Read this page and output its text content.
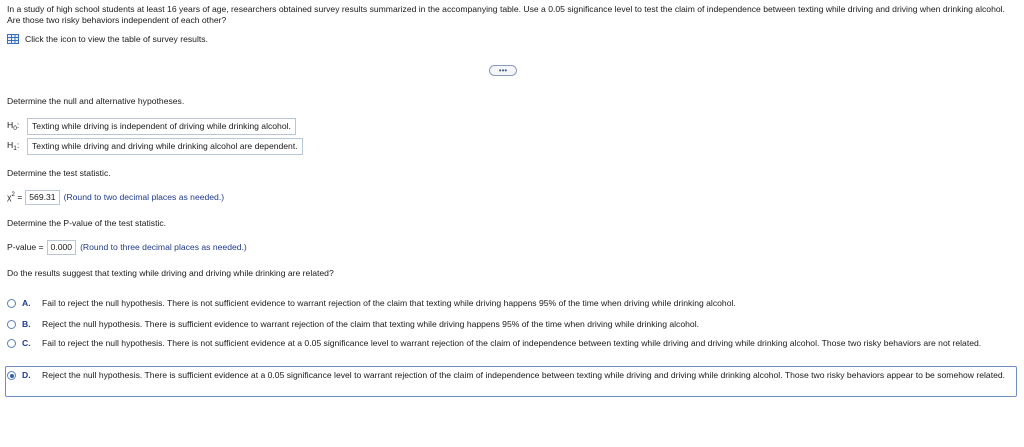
In a study of high school students at least 16 years of age, researchers obtained survey results summarized in the accompanying table. Use a 0.05 significance level to test the claim of independence between texting while driving and driving when drinking alcohol. Are those two risky behaviors independent of each other?
Click the icon to view the table of survey results.
•••
Determine the null and alternative hypotheses.
$H_0$:	Texting while driving is independent of driving while drinking alcohol.
$H_1$:	Texting while driving and driving while drinking alcohol are dependent.
Determine the test statistic.
$\chi^2 = 569.31$ (Round to two decimal places as needed.)
Determine the P-value of the test statistic.
P-value = 0.000 (Round to three decimal places as needed.)
Do the results suggest that texting while driving and driving while drinking are related?
A.	Fail to reject the null hypothesis. There is not sufficient evidence to warrant rejection of the claim that texting while driving happens 95% of the time when driving while drinking alcohol.
B.	Reject the null hypothesis. There is sufficient evidence to warrant rejection of the claim that texting while driving happens 95% of the time when driving while drinking alcohol.
C.	Fail to reject the null hypothesis. There is not sufficient evidence at a 0.05 significance level to warrant rejection of the claim of independence between texting while driving and driving while drinking alcohol. Those two risky behaviors are not related.
D.	Reject the null hypothesis. There is sufficient evidence at a 0.05 significance level to warrant rejection of the claim of independence between texting while driving and driving while drinking alcohol. Those two risky behaviors appear to be somehow related.
